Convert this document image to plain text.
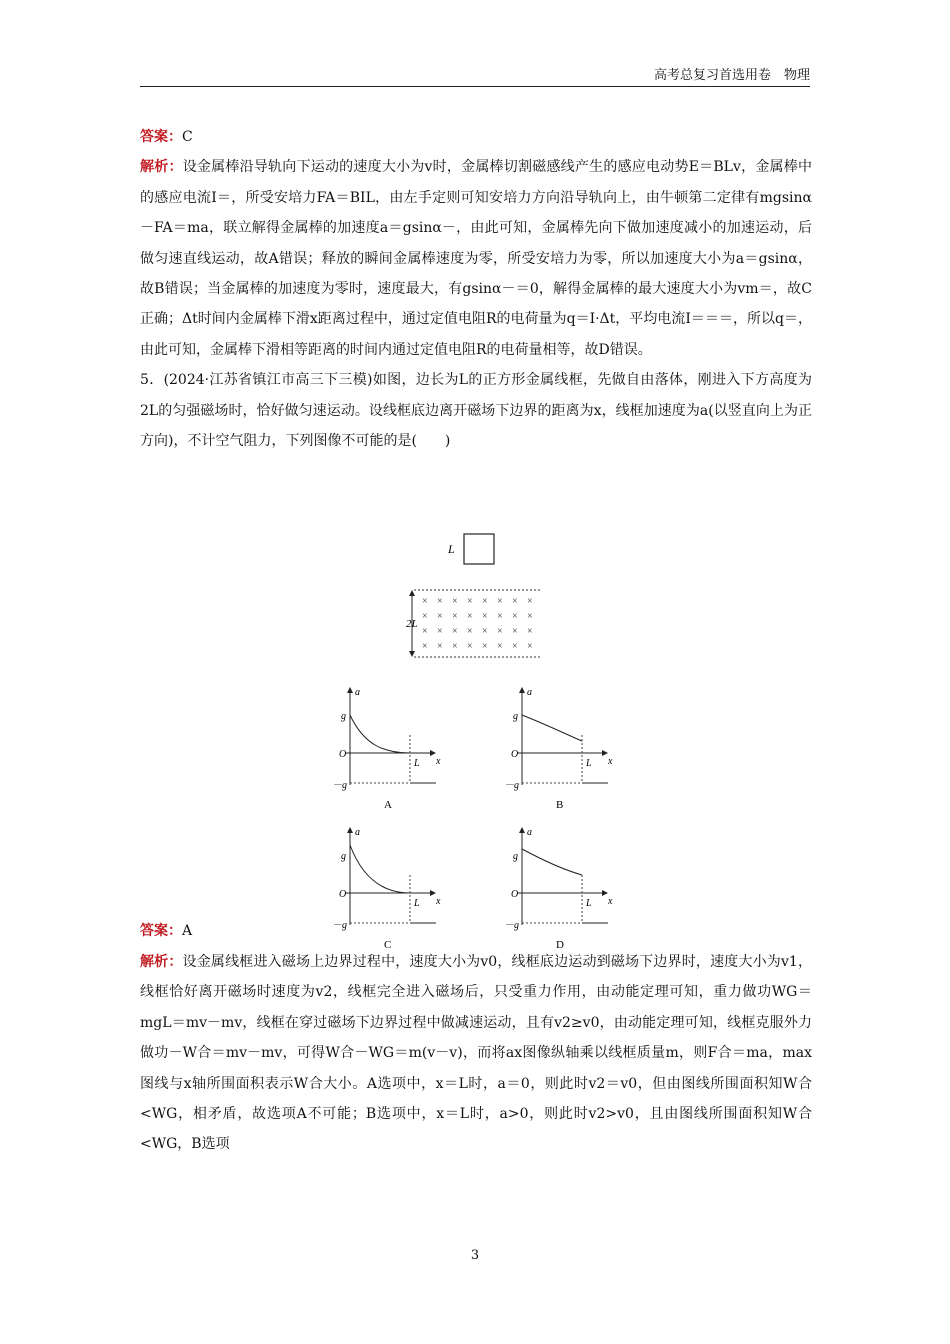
高考总复习首选用卷　物理

答案：C

解析：设金属棒沿导轨向下运动的速度大小为v时，金属棒切割磁感线产生的感应电动势E＝BLv，金属棒中的感应电流I＝，所受安培力FA＝BIL，由左手定则可知安培力方向沿导轨向上，由牛顿第二定律有mgsinα－FA＝ma，联立解得金属棒的加速度a＝gsinα－，由此可知，金属棒先向下做加速度减小的加速运动，后做匀速直线运动，故A错误；释放的瞬间金属棒速度为零，所受安培力为零，所以加速度大小为a＝gsinα，故B错误；当金属棒的加速度为零时，速度最大，有gsinα－＝0，解得金属棒的最大速度大小为vm＝，故C正确；Δt时间内金属棒下滑x距离过程中，通过定值电阻R的电荷量为q＝I·Δt，平均电流I＝＝＝，所以q＝，由此可知，金属棒下滑相等距离的时间内通过定值电阻R的电荷量相等，故D错误。

5．(2024·江苏省镇江市高三下三模)如图，边长为L的正方形金属线框，先做自由落体，刚进入下方高度为2L的匀强磁场时，恰好做匀速运动。设线框底边离开磁场下边界的距离为x，线框加速度为a(以竖直向上为正方向)，不计空气阻力，下列图像不可能的是(　　)

答案：A

解析：设金属线框进入磁场上边界过程中，速度大小为v0，线框底边运动到磁场下边界时，速度大小为v1，线框恰好离开磁场时速度为v2，线框完全进入磁场后，只受重力作用，由动能定理可知，重力做功WG＝mgL＝mv－mv，线框在穿过磁场下边界过程中做减速运动，且有v2≥v0，由动能定理可知，线框克服外力做功－W合＝mv－mv，可得W合－WG＝m(v－v)，而将ax图像纵轴乘以线框质量m，则F合＝ma，max图线与x轴所围面积表示W合大小。A选项中，x＝L时，a＝0，则此时v2＝v0，但由图线所围面积知W合<WG，相矛盾，故选项A不可能；B选项中，x＝L时，a>0，则此时v2>v0，且由图线所围面积知W合<WG，B选项

L
2L
× × × × × × × ×
× × × × × × × ×
× × × × × × × ×
× × × × × × × ×
a
x
g
O
－g
L
A
a
x
g
O
－g
L
B
a
x
g
O
－g
L
C
a
x
g
O
－g
L
D
3
